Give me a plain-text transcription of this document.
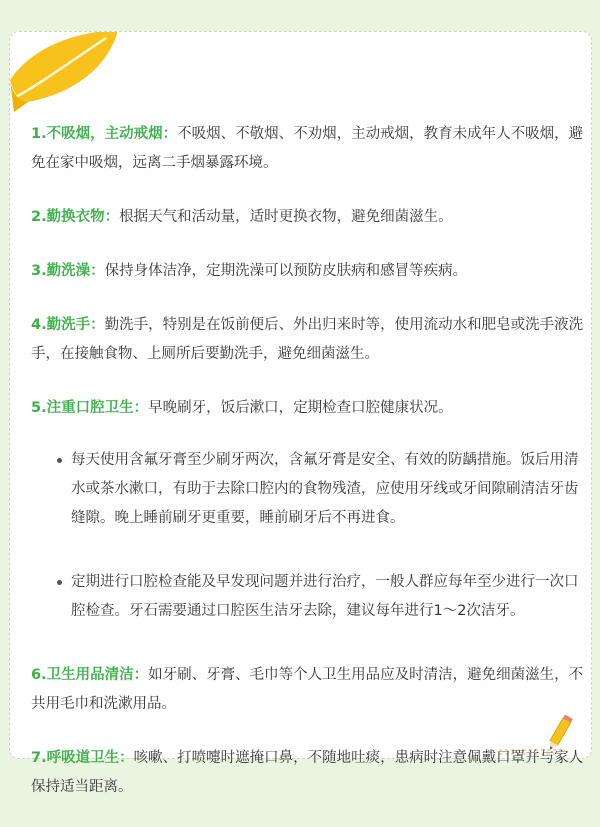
1.不吸烟，主动戒烟：不吸烟、不敬烟、不劝烟，主动戒烟，教育未成年人不吸烟，避免在家中吸烟，远离二手烟暴露环境。
2.勤换衣物：根据天气和活动量，适时更换衣物，避免细菌滋生。
3.勤洗澡：保持身体洁净，定期洗澡可以预防皮肤病和感冒等疾病。
4.勤洗手：勤洗手，特别是在饭前便后、外出归来时等，使用流动水和肥皂或洗手液洗手，在接触食物、上厕所后要勤洗手，避免细菌滋生。
5.注重口腔卫生：早晚刷牙，饭后漱口，定期检查口腔健康状况。
每天使用含氟牙膏至少刷牙两次，含氟牙膏是安全、有效的防龋措施。饭后用清水或茶水漱口，有助于去除口腔内的食物残渣，应使用牙线或牙间隙刷清洁牙齿缝隙。晚上睡前刷牙更重要，睡前刷牙后不再进食。
定期进行口腔检查能及早发现问题并进行治疗，一般人群应每年至少进行一次口腔检查。牙石需要通过口腔医生洁牙去除，建议每年进行1～2次洁牙。
6.卫生用品清洁：如牙刷、牙膏、毛巾等个人卫生用品应及时清洁，避免细菌滋生，不共用毛巾和洗漱用品。
7.呼吸道卫生：咳嗽、打喷嚏时遮掩口鼻，不随地吐痰，患病时注意佩戴口罩并与家人保持适当距离。
